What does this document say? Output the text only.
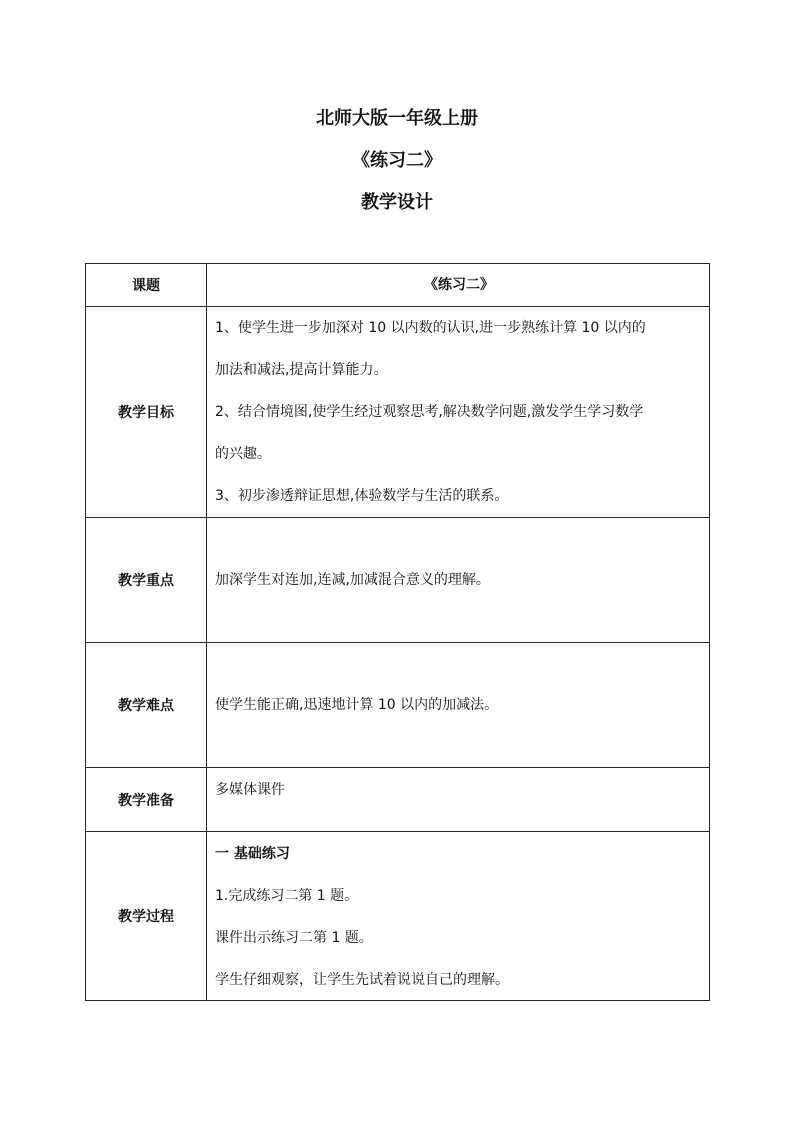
北师大版一年级上册
《练习二》
教学设计
课题	《练习二》
教学目标	1、使学生进一步加深对 10 以内数的认识,进一步熟练计算 10 以内的
加法和减法,提高计算能力。
2、结合情境图,使学生经过观察思考,解决数学问题,激发学生学习数学
的兴趣。
3、初步渗透辩证思想,体验数学与生活的联系。

教学重点	加深学生对连加,连减,加减混合意义的理解。
教学难点	使学生能正确,迅速地计算 10 以内的加减法。
教学准备	多媒体课件
教学过程	一 基础练习

1.完成练习二第 1 题。

课件出示练习二第 1 题。

学生仔细观察，让学生先试着说说自己的理解。
